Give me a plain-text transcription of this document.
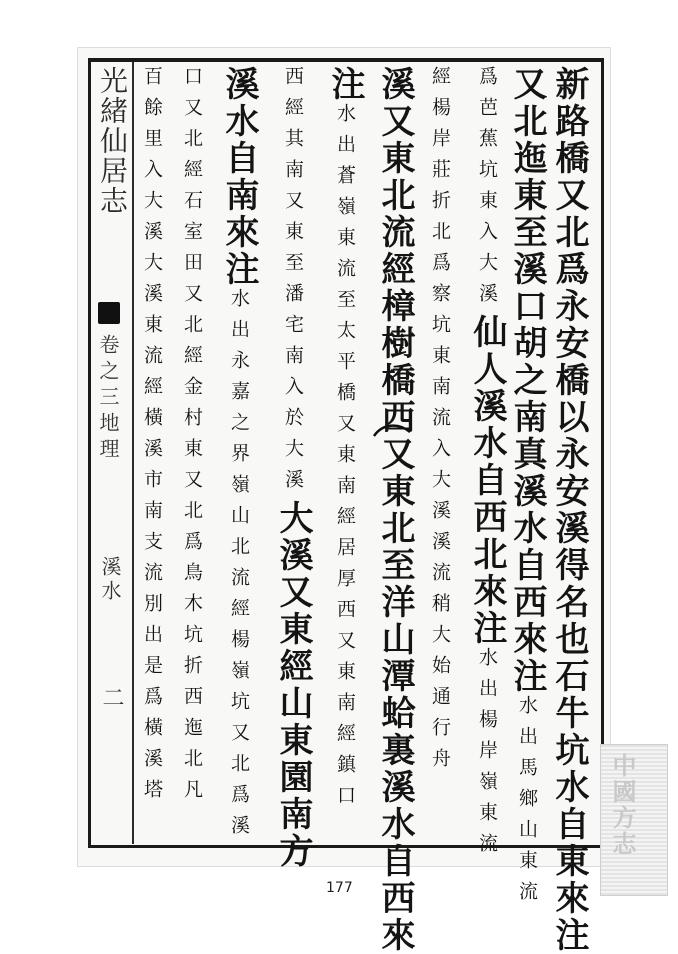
光緒仙居志
卷之三地理
溪水
二	新路橋又北爲永安橋以永安溪得名也石牛坑水自東來注
又北迤東至溪口胡之南真溪水自西來注水出馬鄉山東流
爲芭蕉坑東入大溪仙人溪水自西北來注水出楊岸嶺東流
經楊岸莊折北爲察坑東南流入大溪溪流稍大始通行舟
溪又東北流經樟樹橋西又東北至洋山潭蛤裏溪水自西來
注水出蒼嶺東流至太平橋又東南經居厚西又東南經鎮口
西經其南又東至潘宅南入於大溪大溪又東經山東園南方
溪水自南來注水出永嘉之界嶺山北流經楊嶺坑又北爲溪
口又北經石室田又北經金村東又北爲鳥木坑折西迤北凡
百餘里入大溪大溪東流經橫溪市南支流別出是爲橫溪塔
177
中國方志
